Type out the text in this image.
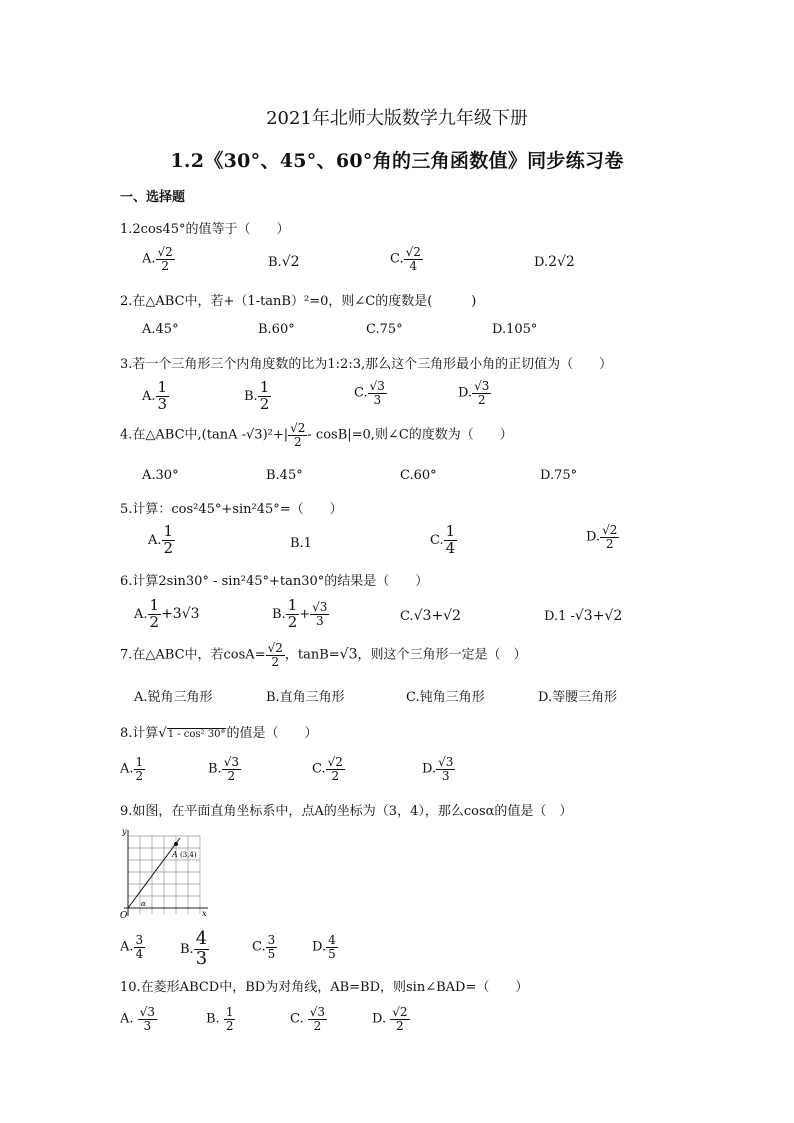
2021年北师大版数学九年级下册
1.2《30°、45°、60°角的三角函数值》同步练习卷
一、选择题
1.2cos45°的值等于（　　）
A. $\frac{√2}{2}$	B.√2	C. $\frac{√2}{4}$	D.2√2
2.在△ABC中，若+（1-tanB）²=0，则∠C的度数是(　　　)
A.45°	B.60°	C.75°	D.105°
3.若一个三角形三个内角度数的比为1:2:3,那么这个三角形最小角的正切值为（　　）
A. $\frac{1}{3}$	B. $\frac{1}{2}$	C. $\frac{√3}{3}$	D. $\frac{√3}{2}$
4.在△ABC中,(tanA $-√3)^2+| \frac{√2}{2} - \cos B|=0$,则∠C的度数为（　　）
A.30°	B.45°	C.60°	D.75°
5.计算：cos²45°+sin²45°=（　　）
A. $\frac{1}{2}$	B.1	C. $\frac{1}{4}$	D. $\frac{√2}{2}$
6.计算2sin30° - sin²45°+tan30°的结果是（　　）
A. $\frac{1}{2} +3√3$	B. $\frac{1}{2} + \frac{√3}{3}$	C.√3+√2	D.1 -√3+√2
7.在△ABC中，若$\cos A= \frac{√2}{2}$ ，tanB=√3，则这个三角形一定是（　）
A.锐角三角形	B.直角三角形	C.钝角三角形	D.等腰三角形
8.计算√1 - cos² 30°的值是（　　）
A. $\frac{1}{2}$	B. $\frac{√3}{2}$	C. $\frac{√2}{2}$	D. $\frac{√3}{3}$
9.如图，在平面直角坐标系中，点A的坐标为（3，4），那么cosα的值是（　）
y
x
O
A (3,4)
α
A. $\frac{3}{4}$	B. $\frac{4}{3}$	C. $\frac{3}{5}$	D. $\frac{4}{5}$
10.在菱形ABCD中，BD为对角线，AB=BD，则sin∠BAD=（　　）
A. $\frac{√3}{3}$	B. $\frac{1}{2}$	C. $\frac{√3}{2}$	D. $\frac{√2}{2}$
